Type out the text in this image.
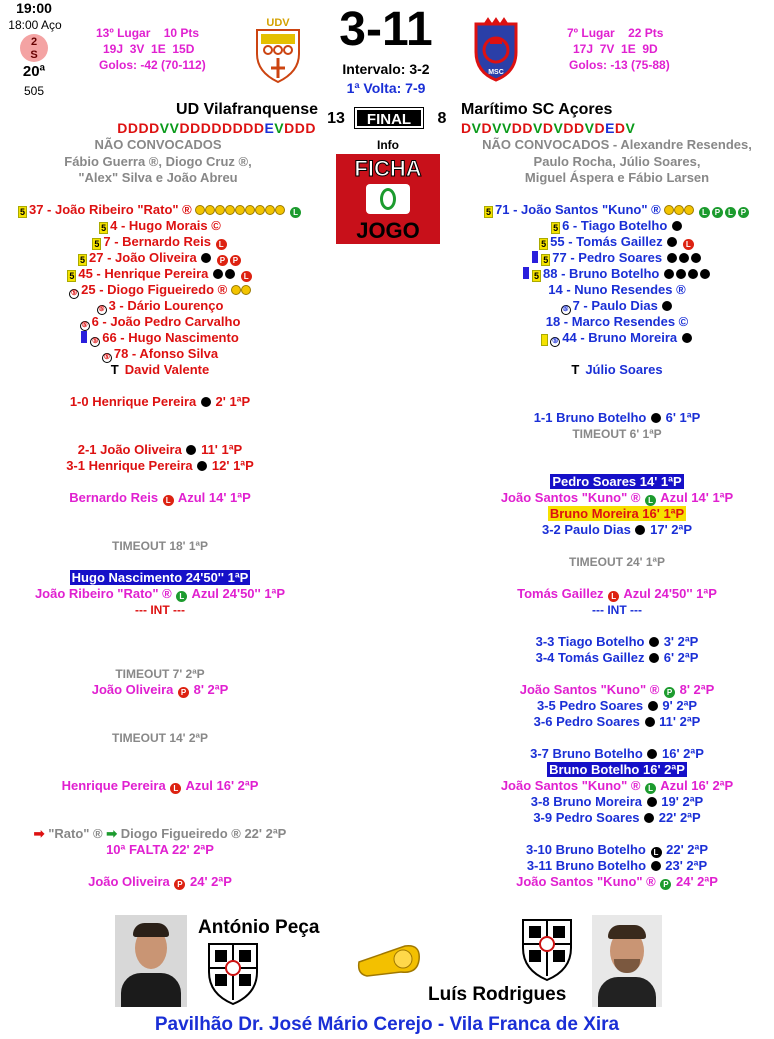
19:00
18:00 Aço
2
S
20ª
505
13º Lugar 10 Pts
19J  3V  1E  15D
Golos: -42 (70-112)
UDV	3-11
Intervalo: 3-2
1ª Volta: 7-9
MSC
7º Lugar 22 Pts
17J  7V  1E  9D
Golos: -13 (75-88)
UD Vilafranquense
13	FINAL	8
Marítimo SC Açores
DDDDVVDDDDDDDDEVDDD	DVDVVDDVDVDDVDEDV
Info
FICHA
JOGO
NÃO CONVOCADOS
Fábio Guerra ®, Diogo Cruz ®,
"Alex" Silva e João Abreu
NÃO CONVOCADOS - Alexandre Resendes,
Paulo Rocha, Júlio Soares,
Miguel Áspera e Fábio Larsen
5 37 - João Ribeiro "Rato" ®	L
5 4 - Hugo Morais ©
5 7 - Bernardo Reis L
5 27 - João Oliveira	P P
5 45 - Henrique Pereira	L
⑤ 25 - Diogo Figueiredo ®
⑤ 3 - Dário Lourenço
⑤ 6 - João Pedro Carvalho
⑤ 66 - Hugo Nascimento
⑤ 78 - Afonso Silva
T David Valente
5 71 - João Santos "Kuno" ®	L P L P
5 6 - Tiago Botelho
5 55 - Tomás Gaillez	L
5 77 - Pedro Soares
5 88 - Bruno Botelho
14 - Nuno Resendes ®
⑤ 7 - Paulo Dias
18 - Marco Resendes ©
⑤ 44 - Bruno Moreira
T Júlio Soares
1-0 Henrique Pereira 2' 1ªP
2-1 João Oliveira 11' 1ªP
3-1 Henrique Pereira 12' 1ªP
Bernardo Reis L Azul 14' 1ªP
TIMEOUT 18' 1ªP
Hugo Nascimento 24'50'' 1ªP
João Ribeiro "Rato" ® L Azul 24'50'' 1ªP
--- INT ---
TIMEOUT 7' 2ªP
João Oliveira P 8' 2ªP
TIMEOUT 14' 2ªP
Henrique Pereira L Azul 16' 2ªP
➡ "Rato" ® ➡ Diogo Figueiredo ® 22' 2ªP
10ª FALTA 22' 2ªP
João Oliveira P 24' 2ªP
1-1 Bruno Botelho 6' 1ªP
TIMEOUT 6' 1ªP
Pedro Soares 14' 1ªP
João Santos "Kuno" ® L Azul 14' 1ªP
Bruno Moreira 16' 1ªP
3-2 Paulo Dias 17' 2ªP
TIMEOUT 24' 1ªP
Tomás Gaillez L Azul 24'50'' 1ªP
--- INT ---
3-3 Tiago Botelho 3' 2ªP
3-4 Tomás Gaillez 6' 2ªP
João Santos "Kuno" ® P 8' 2ªP
3-5 Pedro Soares 9' 2ªP
3-6 Pedro Soares 11' 2ªP
3-7 Bruno Botelho 16' 2ªP
Bruno Botelho 16' 2ªP
João Santos "Kuno" ® L Azul 16' 2ªP
3-8 Bruno Moreira 19' 2ªP
3-9 Pedro Soares 22' 2ªP
3-10 Bruno Botelho L 22' 2ªP
3-11 Bruno Botelho 23' 2ªP
João Santos "Kuno" ® P 24' 2ªP
António Peça
Luís Rodrigues
Pavilhão Dr. José Mário Cerejo - Vila Franca de Xira
